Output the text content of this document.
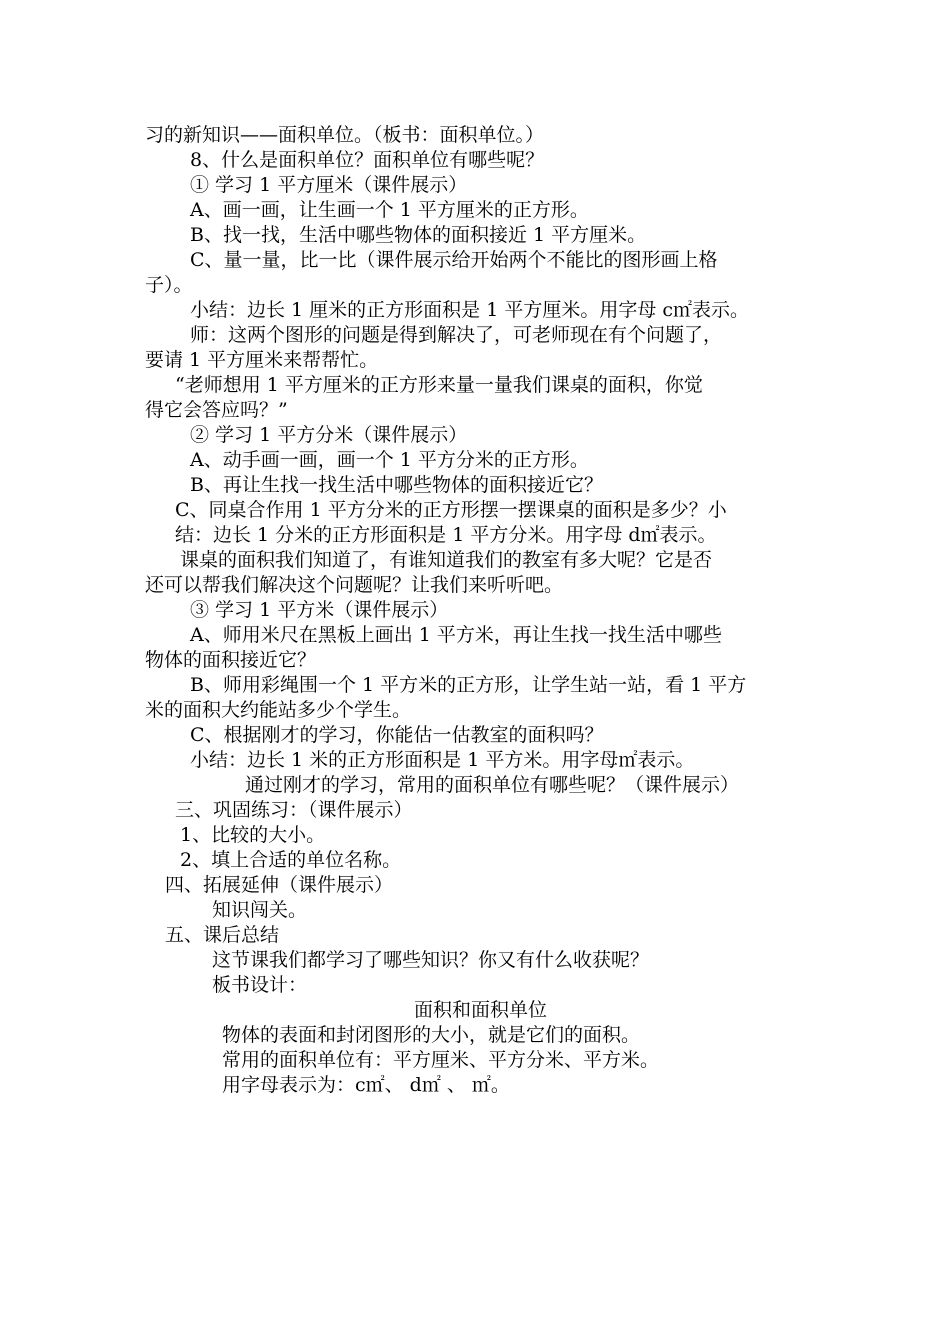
习的新知识——面积单位。（板书：面积单位。）
8、什么是面积单位？面积单位有哪些呢？
① 学习 1 平方厘米（课件展示）
A、画一画，让生画一个 1 平方厘米的正方形。
B、找一找，生活中哪些物体的面积接近 1 平方厘米。
C、量一量，比一比（课件展示给开始两个不能比的图形画上格
子）。
小结：边长 1 厘米的正方形面积是 1 平方厘米。用字母 c㎡表示。
师：这两个图形的问题是得到解决了，可老师现在有个问题了，
要请 1 平方厘米来帮帮忙。
“老师想用 1 平方厘米的正方形来量一量我们课桌的面积，你觉
得它会答应吗？”
② 学习 1 平方分米（课件展示）
A、动手画一画，画一个 1 平方分米的正方形。
B、再让生找一找生活中哪些物体的面积接近它？
C、同桌合作用 1 平方分米的正方形摆一摆课桌的面积是多少？小
结：边长 1 分米的正方形面积是 1 平方分米。用字母 d㎡表示。
课桌的面积我们知道了，有谁知道我们的教室有多大呢？它是否
还可以帮我们解决这个问题呢？让我们来听听吧。
③ 学习 1 平方米（课件展示）
A、师用米尺在黑板上画出 1 平方米，再让生找一找生活中哪些
物体的面积接近它？
B、师用彩绳围一个 1 平方米的正方形，让学生站一站，看 1 平方
米的面积大约能站多少个学生。
C、根据刚才的学习，你能估一估教室的面积吗？
小结：边长 1 米的正方形面积是 1 平方米。用字母㎡表示。
通过刚才的学习，常用的面积单位有哪些呢？（课件展示）
三、巩固练习：（课件展示）
1、比较的大小。
2、填上合适的单位名称。
四、拓展延伸（课件展示）
知识闯关。
五、课后总结
这节课我们都学习了哪些知识？你又有什么收获呢？
板书设计：
面积和面积单位
物体的表面和封闭图形的大小，就是它们的面积。
常用的面积单位有：平方厘米、平方分米、平方米。
用字母表示为：c㎡、 d㎡ 、 ㎡。
